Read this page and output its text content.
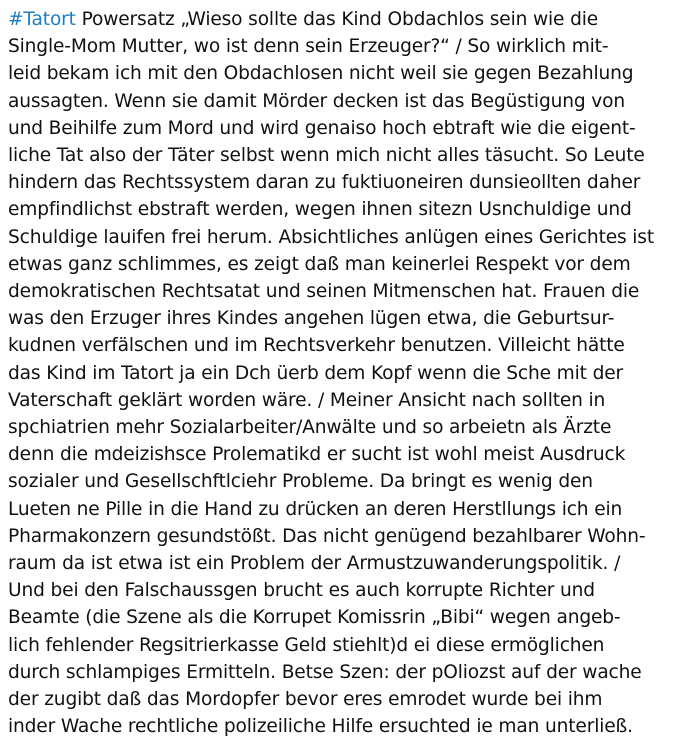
#Tatort Powersatz „Wieso sollte das Kind Obdachlos sein wie die
Single-Mom Mutter, wo ist denn sein Erzeuger?“ / So wirklich mit-
leid bekam ich mit den Obdachlosen nicht weil sie gegen Bezahlung
aussagten. Wenn sie damit Mörder decken ist das Begüstigung von
und Beihilfe zum Mord und wird genaiso hoch ebtraft wie die eigent-
liche Tat also der Täter selbst wenn mich nicht alles täsucht. So Leute
hindern das Rechtssystem daran zu fuktiuoneiren dunsieollten daher
empfindlichst ebstraft werden, wegen ihnen sitezn Usnchuldige und
Schuldige lauifen frei herum. Absichtliches anlügen eines Gerichtes ist
etwas ganz schlimmes, es zeigt daß man keinerlei Respekt vor dem
demokratischen Rechtsatat und seinen Mitmenschen hat. Frauen die
was den Erzuger ihres Kindes angehen lügen etwa, die Geburtsur-
kudnen verfälschen und im Rechtsverkehr benutzen. Villeicht hätte
das Kind im Tatort ja ein Dch üerb dem Kopf wenn die Sche mit der
Vaterschaft geklärt worden wäre. / Meiner Ansicht nach sollten in
spchiatrien mehr Sozialarbeiter/Anwälte und so arbeietn als Ärzte
denn die mdeizishsce Prolematikd er sucht ist wohl meist Ausdruck
sozialer und Gesellschftlciehr Probleme. Da bringt es wenig den
Lueten ne Pille in die Hand zu drücken an deren Herstllungs ich ein
Pharmakonzern gesundstößt. Das nicht genügend bezahlbarer Wohn-
raum da ist etwa ist ein Problem der Armustzuwanderungspolitik. /
Und bei den Falschaussgen brucht es auch korrupte Richter und
Beamte (die Szene als die Korrupet Komissrin „Bibi“ wegen angeb-
lich fehlender Regsitrierkasse Geld stiehlt)d ei diese ermöglichen
durch schlampiges Ermitteln. Betse Szen: der pOliozst auf der wache
der zugibt daß das Mordopfer bevor eres emrodet wurde bei ihm
inder Wache rechtliche polizeiliche Hilfe ersuchted ie man unterließ.
